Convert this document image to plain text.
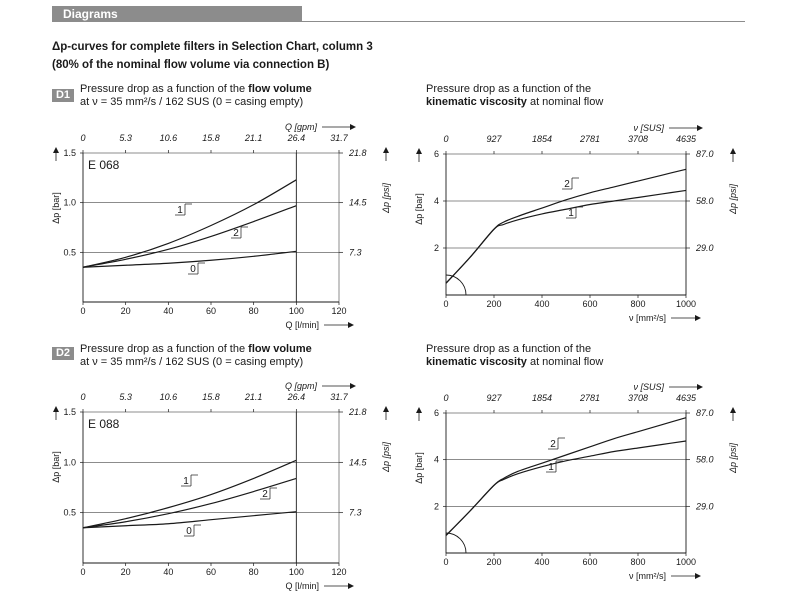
Diagrams
Δp-curves for complete filters in Selection Chart, column 3
(80% of the nominal flow volume via connection B)
D1 Pressure drop as a function of the flow volume
at ν = 35 mm²/s / 162 SUS (0 = casing empty)
Pressure drop as a function of the
kinematic viscosity at nominal flow
D2 Pressure drop as a function of the flow volume
at ν = 35 mm²/s / 162 SUS (0 = casing empty)
Pressure drop as a function of the
kinematic viscosity at nominal flow
0	20	40	60	80	100	120
0	5.3	10.6	15.8	21.1	26.4	31.7
0.5
1.0
1.5
7.3
14.5
21.8
Q [l/min]
Q [gpm]
Δp [bar]	Δp [psi]
E 068
0
1
2
0	200	400	600	800	1000
0	927	1854	2781	3708	4635
2
4
6
29.0
58.0
87.0
ν [mm²/s]
ν [SUS]
Δp [bar]	Δp [psi]
1
2
0	20	40	60	80	100	120
0	5.3	10.6	15.8	21.1	26.4	31.7
0.5
1.0
1.5
7.3
14.5
21.8
Q [l/min]
Q [gpm]
Δp [bar]	Δp [psi]
E 088
0
1
2
0	200	400	600	800	1000
0	927	1854	2781	3708	4635
2
4
6
29.0
58.0
87.0
ν [mm²/s]
ν [SUS]
Δp [bar]	Δp [psi]
1
2
